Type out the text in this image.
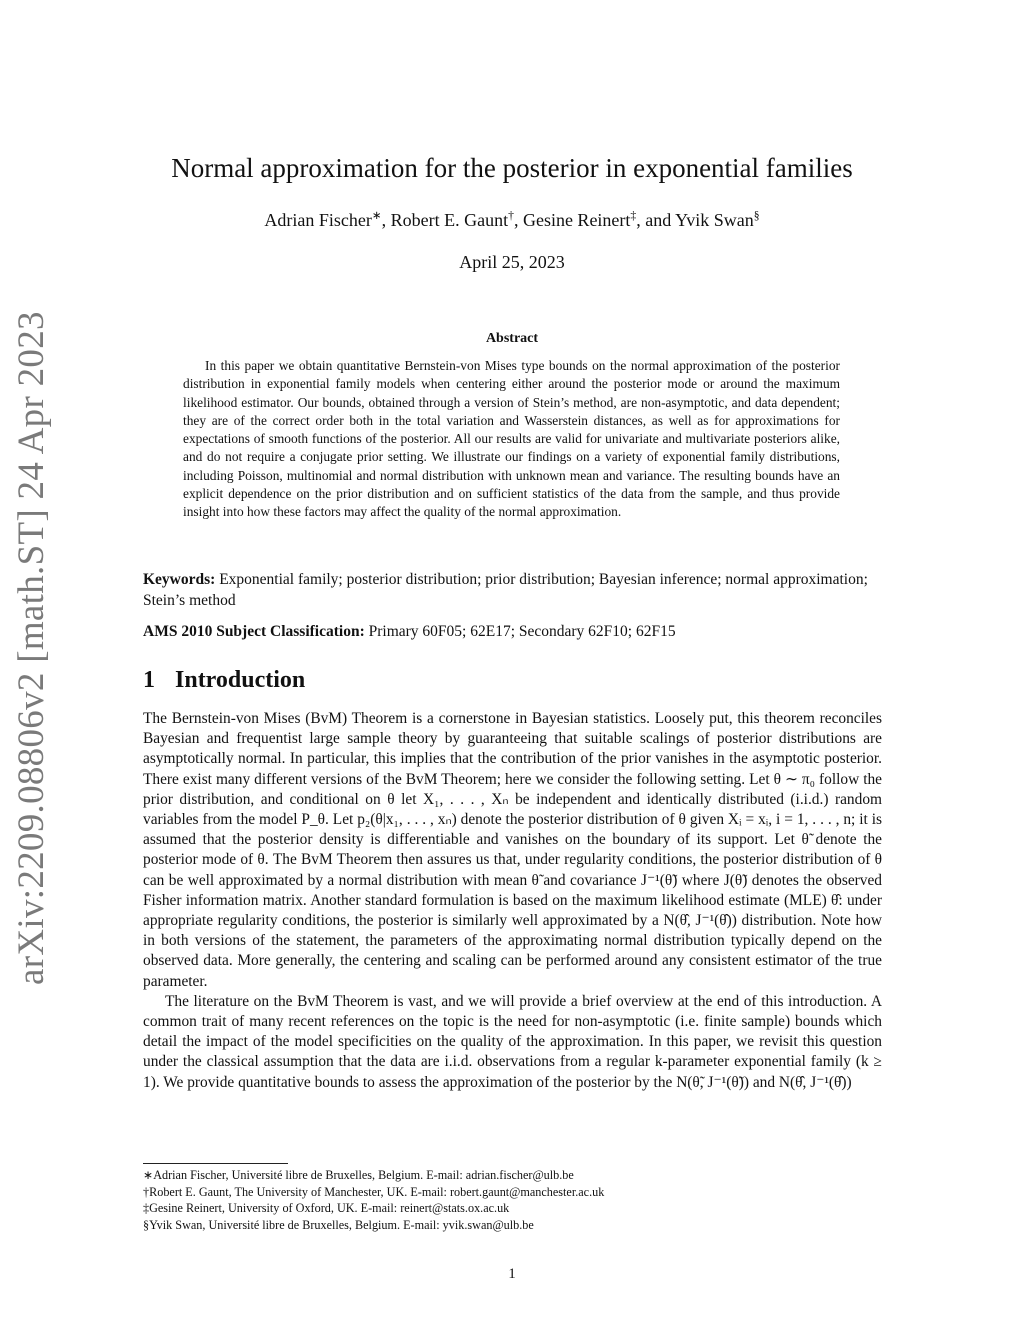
arXiv:2209.08806v2 [math.ST] 24 Apr 2023
Normal approximation for the posterior in exponential families
Adrian Fischer∗, Robert E. Gaunt†, Gesine Reinert‡, and Yvik Swan§
April 25, 2023
Abstract
In this paper we obtain quantitative Bernstein-von Mises type bounds on the normal approximation of the posterior distribution in exponential family models when centering either around the posterior mode or around the maximum likelihood estimator. Our bounds, obtained through a version of Stein’s method, are non-asymptotic, and data dependent; they are of the correct order both in the total variation and Wasserstein distances, as well as for approximations for expectations of smooth functions of the posterior. All our results are valid for univariate and multivariate posteriors alike, and do not require a conjugate prior setting. We illustrate our findings on a variety of exponential family distributions, including Poisson, multinomial and normal distribution with unknown mean and variance. The resulting bounds have an explicit dependence on the prior distribution and on sufficient statistics of the data from the sample, and thus provide insight into how these factors may affect the quality of the normal approximation.
Keywords: Exponential family; posterior distribution; prior distribution; Bayesian inference; normal approximation; Stein’s method
AMS 2010 Subject Classification: Primary 60F05; 62E17; Secondary 62F10; 62F15
1 Introduction

The Bernstein-von Mises (BvM) Theorem is a cornerstone in Bayesian statistics. Loosely put, this theorem reconciles Bayesian and frequentist large sample theory by guaranteeing that suitable scalings of posterior distributions are asymptotically normal. In particular, this implies that the contribution of the prior vanishes in the asymptotic posterior. There exist many different versions of the BvM Theorem; here we consider the following setting. Let θ ∼ π₀ follow the prior distribution, and conditional on θ let X₁, . . . , Xₙ be independent and identically distributed (i.i.d.) random variables from the model P_θ. Let p₂(θ|x₁, . . . , xₙ) denote the posterior distribution of θ given Xᵢ = xᵢ, i = 1, . . . , n; it is assumed that the posterior density is differentiable and vanishes on the boundary of its support. Let θ̃ denote the posterior mode of θ. The BvM Theorem then assures us that, under regularity conditions, the posterior distribution of θ can be well approximated by a normal distribution with mean θ̃ and covariance J⁻¹(θ̃) where J(θ̃) denotes the observed Fisher information matrix. Another standard formulation is based on the maximum likelihood estimate (MLE) θ̂: under appropriate regularity conditions, the posterior is similarly well approximated by a N(θ̂, J⁻¹(θ̂)) distribution. Note how in both versions of the statement, the parameters of the approximating normal distribution typically depend on the observed data. More generally, the centering and scaling can be performed around any consistent estimator of the true parameter.

The literature on the BvM Theorem is vast, and we will provide a brief overview at the end of this introduction. A common trait of many recent references on the topic is the need for non-asymptotic (i.e. finite sample) bounds which detail the impact of the model specificities on the quality of the approximation. In this paper, we revisit this question under the classical assumption that the data are i.i.d. observations from a regular k-parameter exponential family (k ≥ 1). We provide quantitative bounds to assess the approximation of the posterior by the N(θ̃, J⁻¹(θ̃)) and N(θ̂, J⁻¹(θ̂))

∗Adrian Fischer, Université libre de Bruxelles, Belgium. E-mail: adrian.fischer@ulb.be
†Robert E. Gaunt, The University of Manchester, UK. E-mail: robert.gaunt@manchester.ac.uk
‡Gesine Reinert, University of Oxford, UK. E-mail: reinert@stats.ox.ac.uk
§Yvik Swan, Université libre de Bruxelles, Belgium. E-mail: yvik.swan@ulb.be
1
